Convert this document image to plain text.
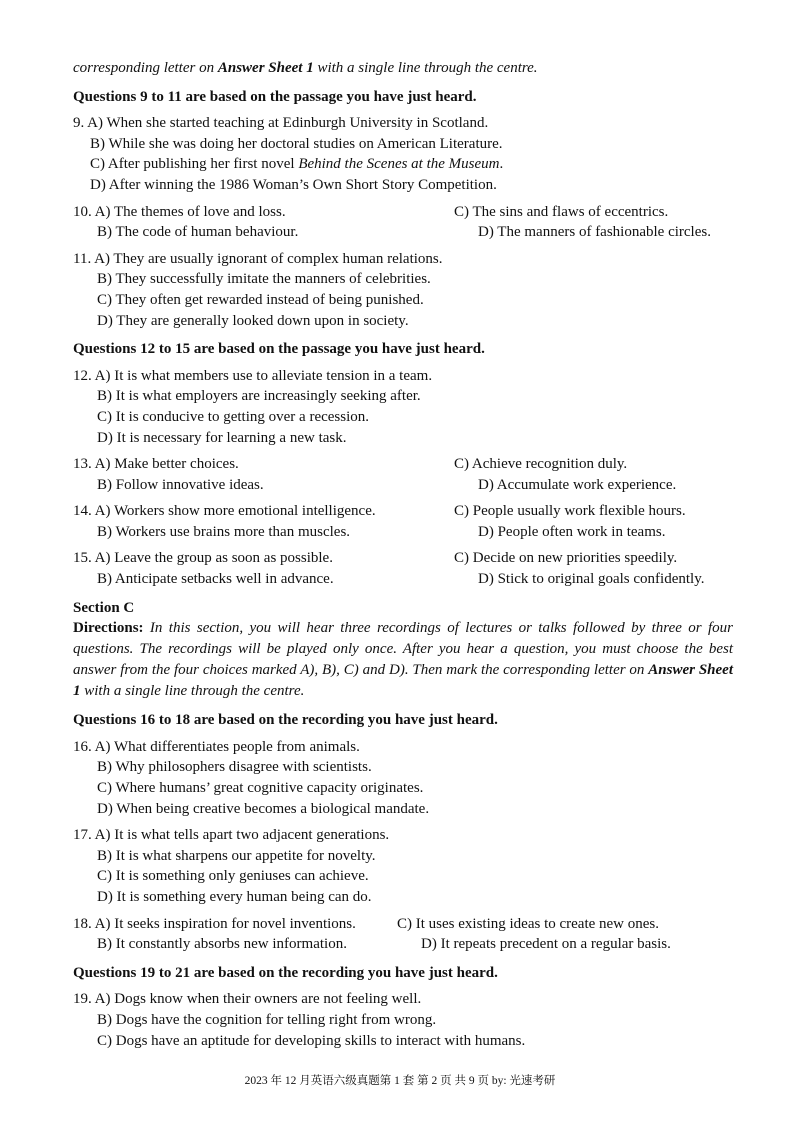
corresponding letter on Answer Sheet 1 with a single line through the centre.

Questions 9 to 11 are based on the passage you have just heard.

9. A) When she started teaching at Edinburgh University in Scotland.

B) While she was doing her doctoral studies on American Literature.

C) After publishing her first novel Behind the Scenes at the Museum.

D) After winning the 1986 Woman’s Own Short Story Competition.

10. A) The themes of love and loss.	C) The sins and flaws of eccentrics.
B) The code of human behaviour.	D) The manners of fashionable circles.

11. A) They are usually ignorant of complex human relations.

B) They successfully imitate the manners of celebrities.

C) They often get rewarded instead of being punished.

D) They are generally looked down upon in society.

Questions 12 to 15 are based on the passage you have just heard.

12. A) It is what members use to alleviate tension in a team.

B) It is what employers are increasingly seeking after.

C) It is conducive to getting over a recession.

D) It is necessary for learning a new task.

13. A) Make better choices.	C) Achieve recognition duly.
B) Follow innovative ideas.	D) Accumulate work experience.
14. A) Workers show more emotional intelligence.	C) People usually work flexible hours.
B) Workers use brains more than muscles.	D) People often work in teams.
15. A) Leave the group as soon as possible.	C) Decide on new priorities speedily.
B) Anticipate setbacks well in advance.	D) Stick to original goals confidently.

Section C

Directions: In this section, you will hear three recordings of lectures or talks followed by three or four questions. The recordings will be played only once. After you hear a question, you must choose the best answer from the four choices marked A), B), C) and D). Then mark the corresponding letter on Answer Sheet 1 with a single line through the centre.

Questions 16 to 18 are based on the recording you have just heard.

16. A) What differentiates people from animals.

B) Why philosophers disagree with scientists.

C) Where humans’ great cognitive capacity originates.

D) When being creative becomes a biological mandate.

17. A) It is what tells apart two adjacent generations.

B) It is what sharpens our appetite for novelty.

C) It is something only geniuses can achieve.

D) It is something every human being can do.

18. A) It seeks inspiration for novel inventions.	C) It uses existing ideas to create new ones.
B) It constantly absorbs new information.	D) It repeats precedent on a regular basis.

Questions 19 to 21 are based on the recording you have just heard.

19. A) Dogs know when their owners are not feeling well.

B) Dogs have the cognition for telling right from wrong.

C) Dogs have an aptitude for developing skills to interact with humans.

2023 年 12 月英语六级真题第 1 套 第 2 页 共 9 页 by: 光速考研
